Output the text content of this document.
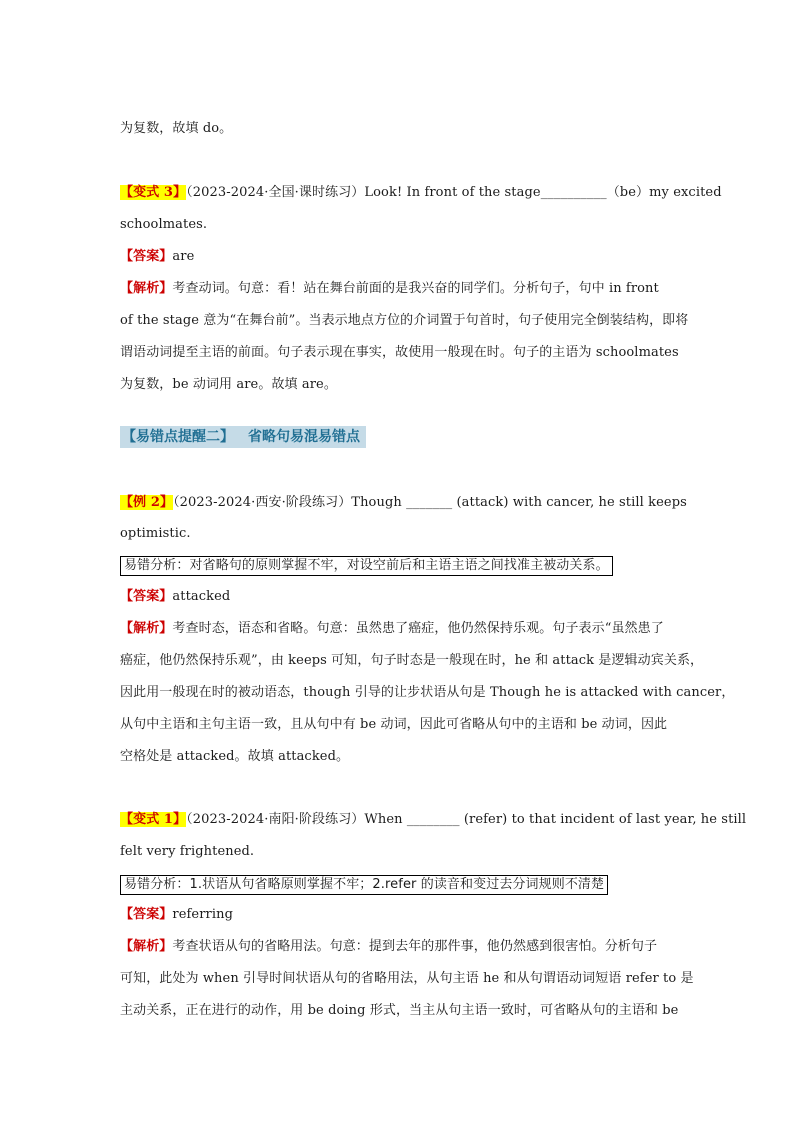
为复数，故填 do。
【变式 3】（2023-2024·全国·课时练习）Look! In front of the stage__________（be）my excited
schoolmates.
【答案】are
【解析】考查动词。句意：看！站在舞台前面的是我兴奋的同学们。分析句子，句中 in front
of the stage 意为“在舞台前”。当表示地点方位的介词置于句首时，句子使用完全倒装结构，即将
谓语动词提至主语的前面。句子表示现在事实，故使用一般现在时。句子的主语为 schoolmates
为复数，be 动词用 are。故填 are。
【易错点提醒二】 省略句易混易错点
【例 2】（2023-2024·西安·阶段练习）Though _______ (attack) with cancer, he still keeps
optimistic.
易错分析：对省略句的原则掌握不牢，对设空前后和主语主语之间找准主被动关系。
【答案】attacked
【解析】考查时态，语态和省略。句意：虽然患了癌症，他仍然保持乐观。句子表示“虽然患了
癌症，他仍然保持乐观”，由 keeps 可知，句子时态是一般现在时，he 和 attack 是逻辑动宾关系，
因此用一般现在时的被动语态，though 引导的让步状语从句是 Though he is attacked with cancer，
从句中主语和主句主语一致，且从句中有 be 动词，因此可省略从句中的主语和 be 动词，因此
空格处是 attacked。故填 attacked。
【变式 1】（2023-2024·南阳·阶段练习）When ________ (refer) to that incident of last year, he still
felt very frightened.
易错分析：1.状语从句省略原则掌握不牢；2.refer 的读音和变过去分词规则不清楚
【答案】referring
【解析】考查状语从句的省略用法。句意：提到去年的那件事，他仍然感到很害怕。分析句子
可知，此处为 when 引导时间状语从句的省略用法，从句主语 he 和从句谓语动词短语 refer to 是
主动关系，正在进行的动作，用 be doing 形式，当主从句主语一致时，可省略从句的主语和 be
